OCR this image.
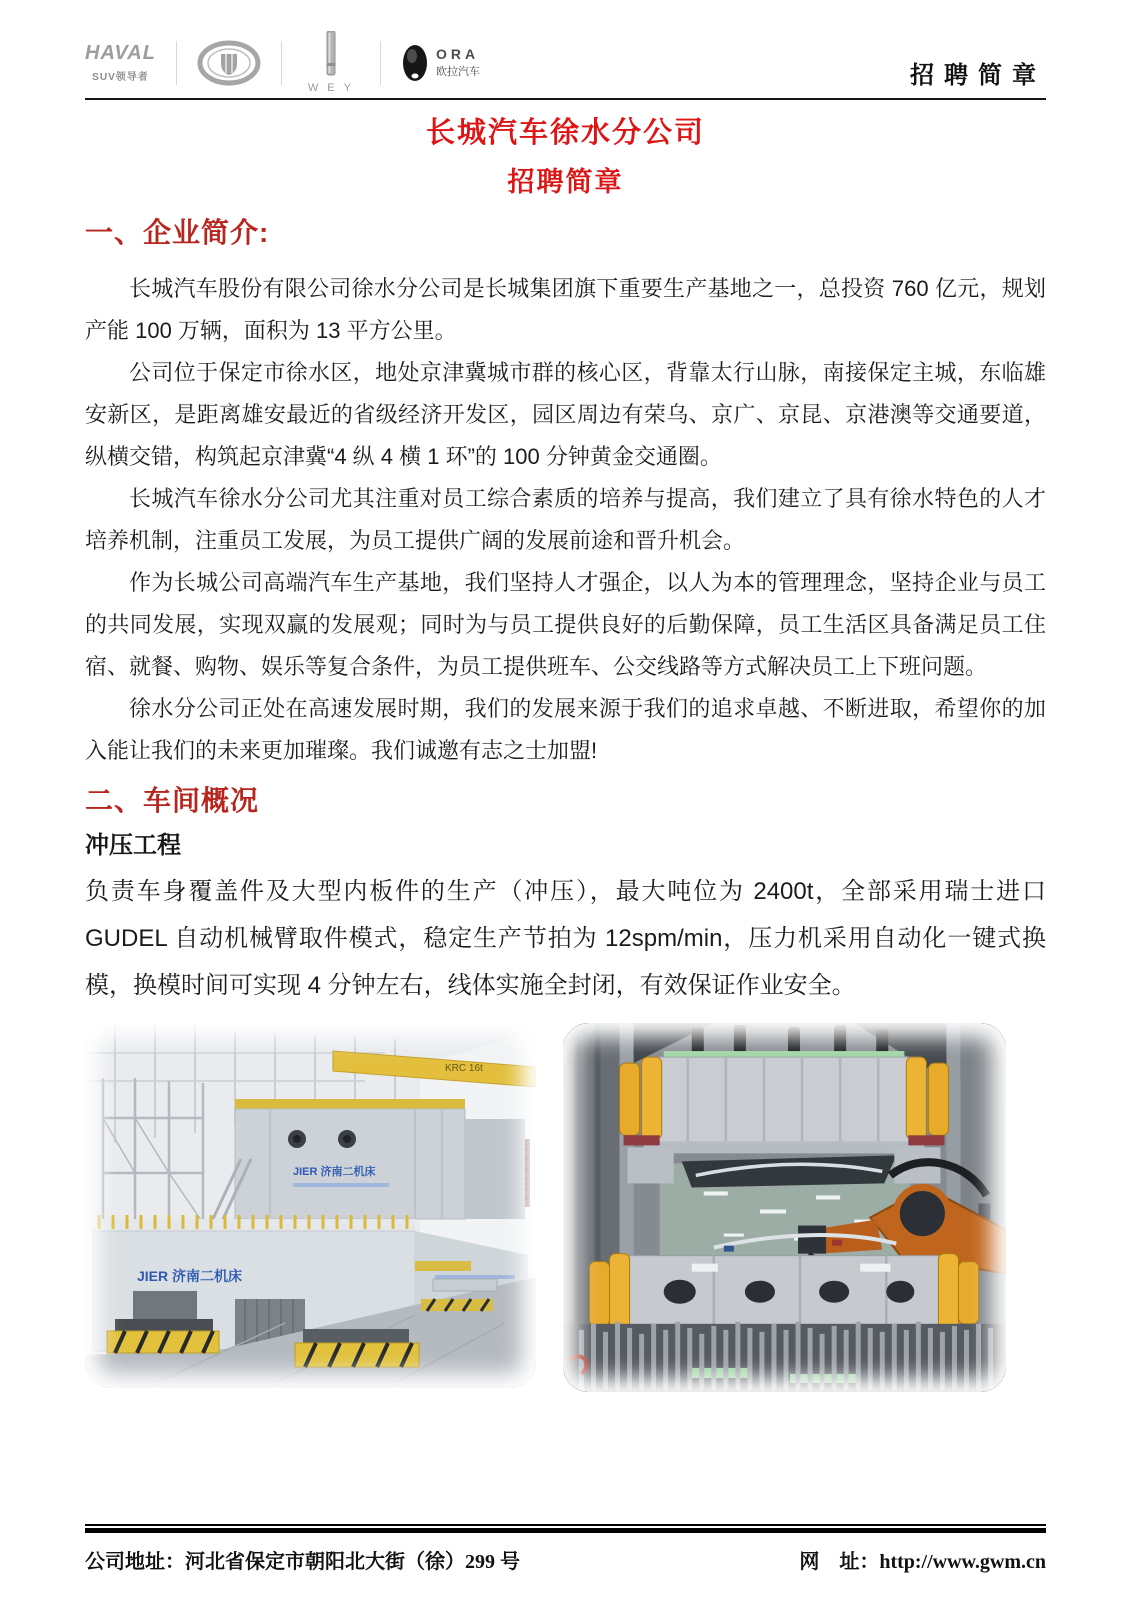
HAVAL
SUV领导者
WEY
ORA
欧拉汽车	招聘简章
长城汽车徐水分公司
招聘简章
一、企业简介:

长城汽车股份有限公司徐水分公司是长城集团旗下重要生产基地之一，总投资 760 亿元，规划产能 100 万辆，面积为 13 平方公里。

公司位于保定市徐水区，地处京津冀城市群的核心区，背靠太行山脉，南接保定主城，东临雄安新区，是距离雄安最近的省级经济开发区，园区周边有荣乌、京广、京昆、京港澳等交通要道，纵横交错，构筑起京津冀“4 纵 4 横 1 环”的 100 分钟黄金交通圈。

长城汽车徐水分公司尤其注重对员工综合素质的培养与提高，我们建立了具有徐水特色的人才培养机制，注重员工发展，为员工提供广阔的发展前途和晋升机会。

作为长城公司高端汽车生产基地，我们坚持人才强企，以人为本的管理理念，坚持企业与员工的共同发展，实现双赢的发展观；同时为与员工提供良好的后勤保障，员工生活区具备满足员工住宿、就餐、购物、娱乐等复合条件，为员工提供班车、公交线路等方式解决员工上下班问题。

徐水分公司正处在高速发展时期，我们的发展来源于我们的追求卓越、不断进取，希望你的加入能让我们的未来更加璀璨。我们诚邀有志之士加盟!

二、车间概况
冲压工程

负责车身覆盖件及大型内板件的生产（冲压），最大吨位为 2400t，全部采用瑞士进口 GUDEL 自动机械臂取件模式，稳定生产节拍为 12spm/min，压力机采用自动化一键式换模，换模时间可实现 4 分钟左右，线体实施全封闭，有效保证作业安全。

KRC 16t
JIER 济南二机床
JIER 济南二机床
公司地址：河北省保定市朝阳北大街（徐）299 号	网　址：http://www.gwm.cn
